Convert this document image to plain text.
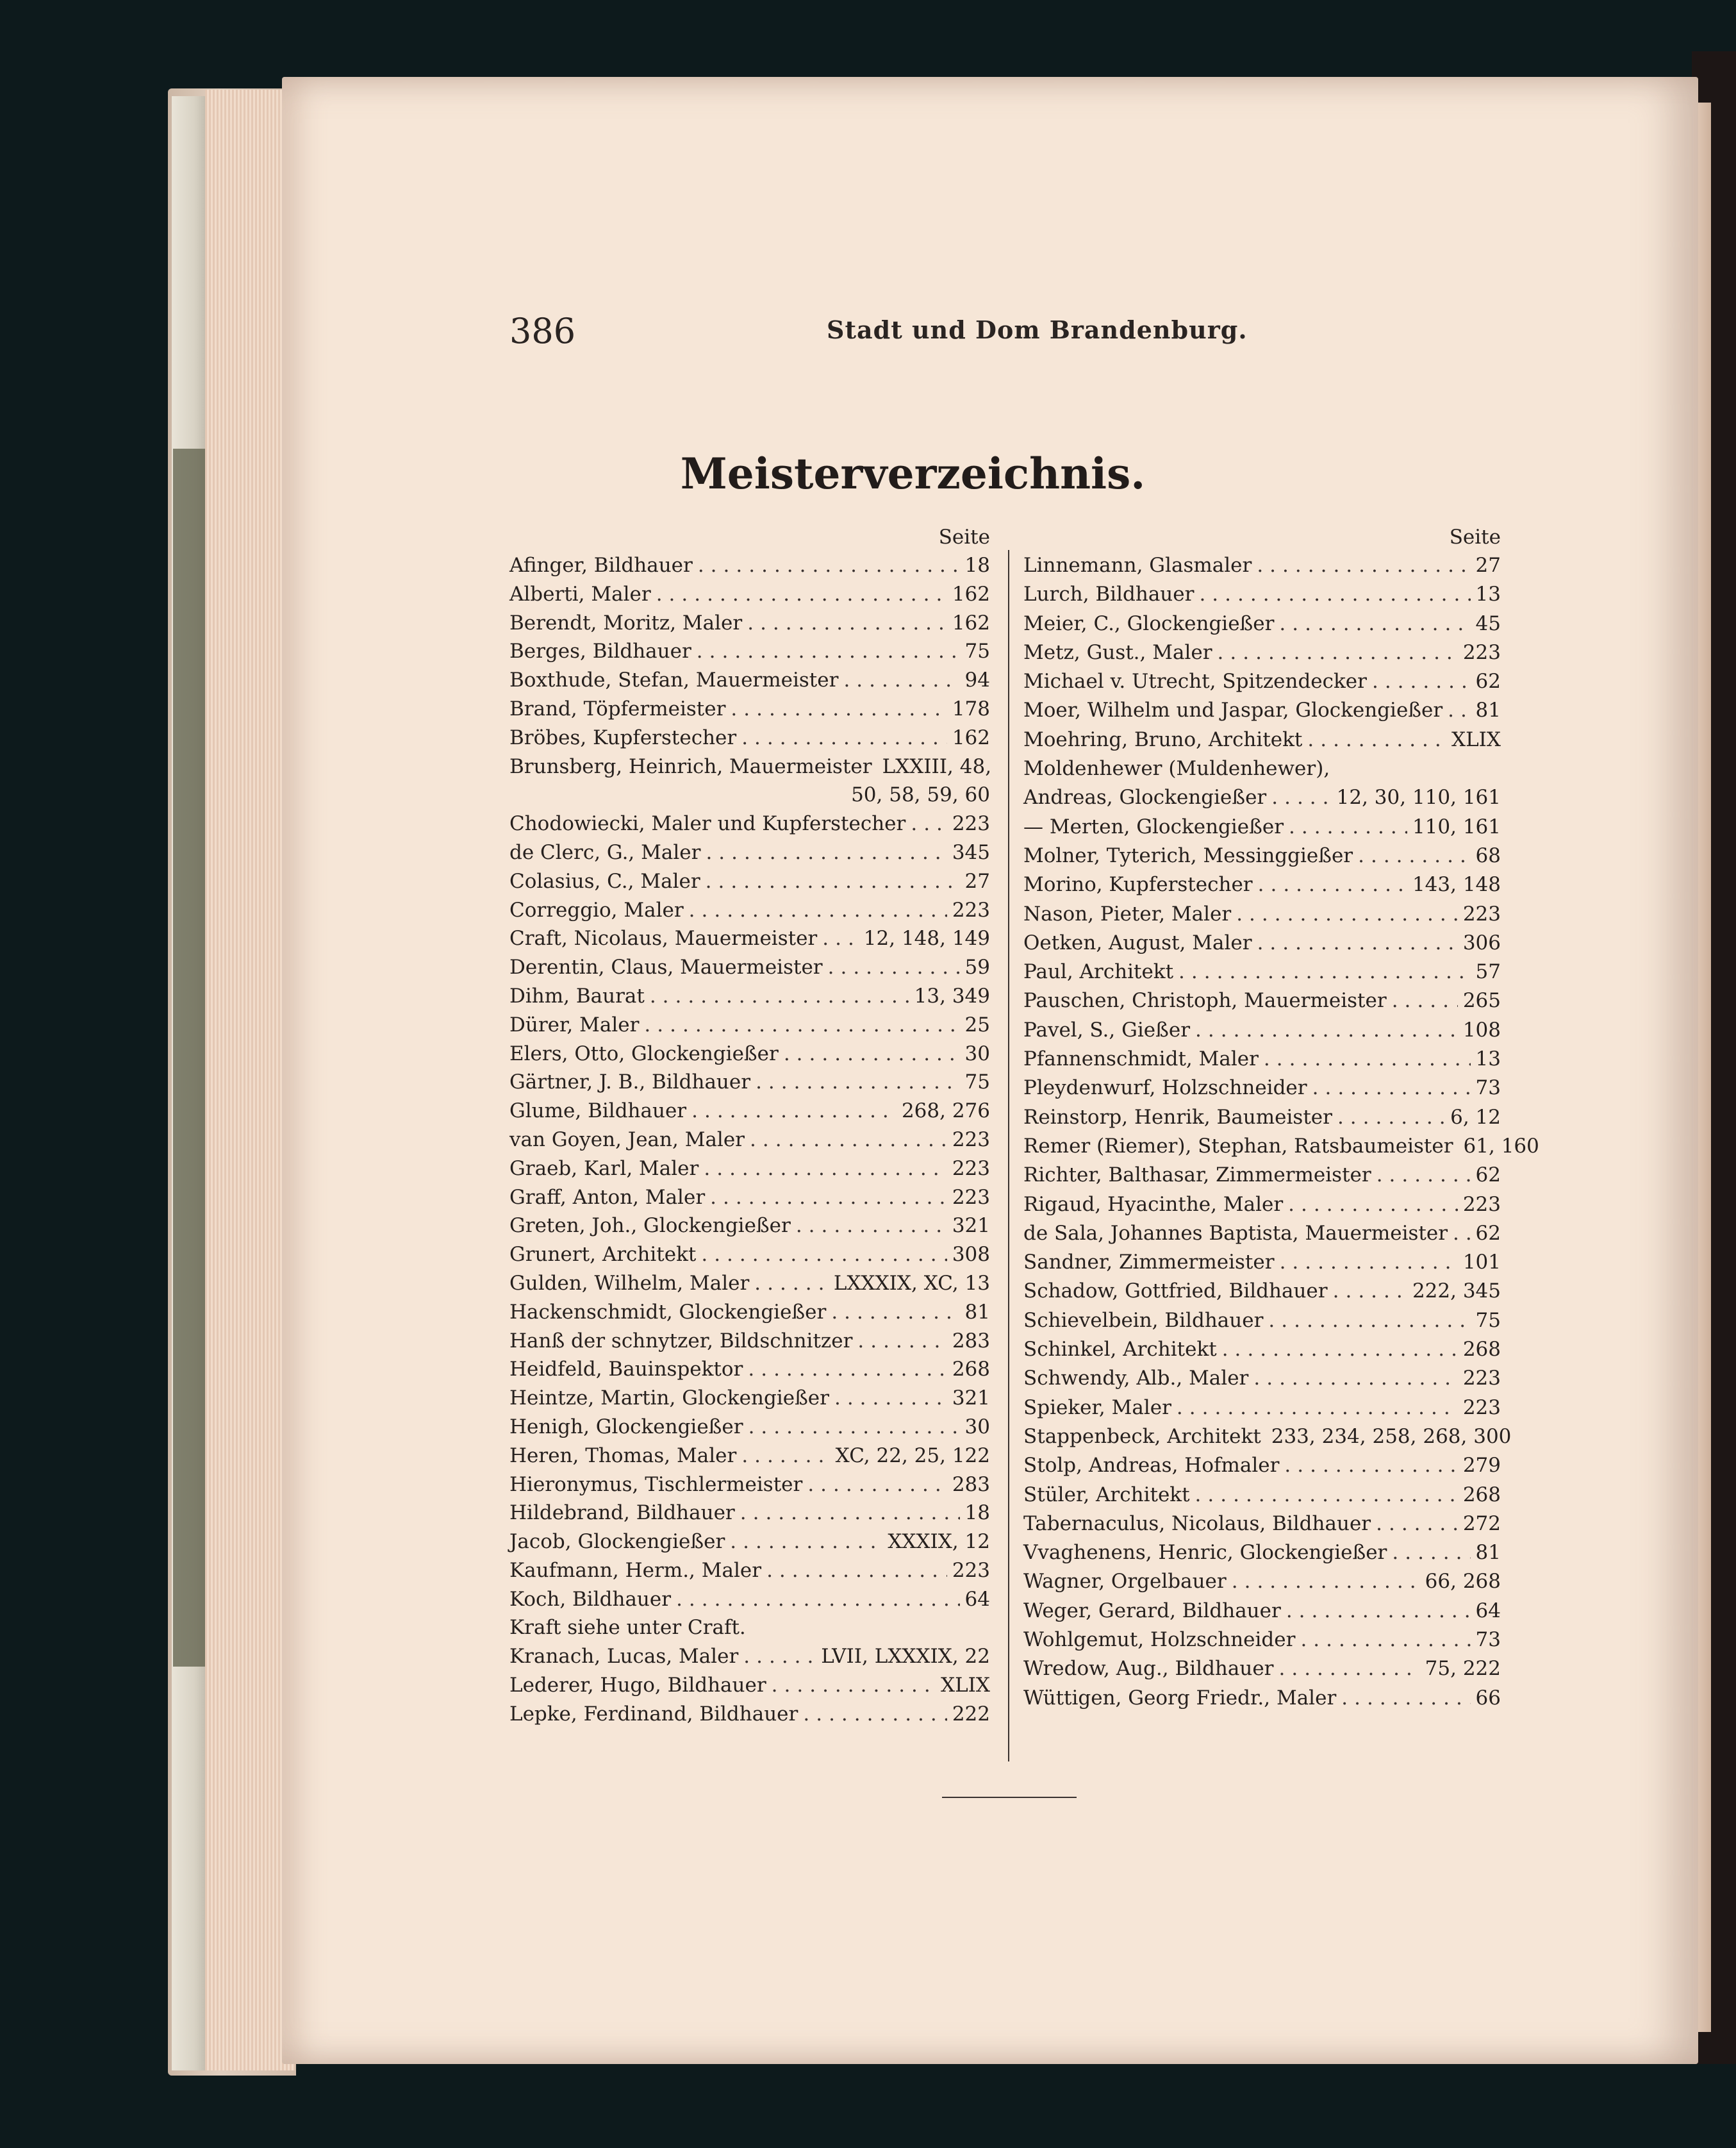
386	Stadt und Dom Brandenburg.
Meisterverzeichnis.
Seite
Afinger, Bildhauer .....	18
Alberti, Maler .....	162
Berendt, Moritz, Maler .....	162
Berges, Bildhauer .....	75
Boxthude, Stefan, Mauermeister .....	94
Brand, Töpfermeister .....	178
Bröbes, Kupferstecher .....	162
Brunsberg, Heinrich, Mauermeister LXXIII, 48,
50, 58, 59, 60
Chodowiecki, Maler und Kupferstecher ..... 223
de Clerc, G., Maler .....	345
Colasius, C., Maler .....	27
Correggio, Maler .....	223
Craft, Nicolaus, Mauermeister ..... 12, 148, 149
Derentin, Claus, Mauermeister .....	59
Dihm, Baurat .....	13, 349
Dürer, Maler .....	25
Elers, Otto, Glockengießer .....	30
Gärtner, J. B., Bildhauer .....	75
Glume, Bildhauer .....	268, 276
van Goyen, Jean, Maler .....	223
Graeb, Karl, Maler .....	223
Graff, Anton, Maler .....	223
Greten, Joh., Glockengießer .....	321
Grunert, Architekt .....	308
Gulden, Wilhelm, Maler .....	LXXXIX, XC, 13
Hackenschmidt, Glockengießer .....	81
Hanß der schnytzer, Bildschnitzer .....	283
Heidfeld, Bauinspektor .....	268
Heintze, Martin, Glockengießer .....	321
Henigh, Glockengießer .....	30
Heren, Thomas, Maler .....	XC, 22, 25, 122
Hieronymus, Tischlermeister .....	283
Hildebrand, Bildhauer .....	18
Jacob, Glockengießer .....	XXXIX, 12
Kaufmann, Herm., Maler .....	223
Koch, Bildhauer .....	64
Kraft siehe unter Craft.
Kranach, Lucas, Maler .....	LVII, LXXXIX, 22
Lederer, Hugo, Bildhauer .....	XLIX
Lepke, Ferdinand, Bildhauer .....	222
Seite
Linnemann, Glasmaler .....	27
Lurch, Bildhauer .....	13
Meier, C., Glockengießer .....	45
Metz, Gust., Maler .....	223
Michael v. Utrecht, Spitzendecker .....	62
Moer, Wilhelm und Jaspar, Glockengießer ..... 81
Moehring, Bruno, Architekt .....	XLIX
Moldenhewer (Muldenhewer),
Andreas, Glockengießer .....	12, 30, 110, 161
— Merten, Glockengießer .....	110, 161
Molner, Tyterich, Messinggießer .....	68
Morino, Kupferstecher .....	143, 148
Nason, Pieter, Maler .....	223
Oetken, August, Maler .....	306
Paul, Architekt .....	57
Pauschen, Christoph, Mauermeister .....	265
Pavel, S., Gießer .....	108
Pfannenschmidt, Maler .....	13
Pleydenwurf, Holzschneider .....	73
Reinstorp, Henrik, Baumeister .....	6, 12
Remer (Riemer), Stephan, Ratsbaumeister 61, 160
Richter, Balthasar, Zimmermeister .....	62
Rigaud, Hyacinthe, Maler .....	223
de Sala, Johannes Baptista, Mauermeister ..... 62
Sandner, Zimmermeister .....	101
Schadow, Gottfried, Bildhauer .....	222, 345
Schievelbein, Bildhauer .....	75
Schinkel, Architekt .....	268
Schwendy, Alb., Maler .....	223
Spieker, Maler .....	223
Stappenbeck, Architekt 233, 234, 258, 268, 300
Stolp, Andreas, Hofmaler .....	279
Stüler, Architekt .....	268
Tabernaculus, Nicolaus, Bildhauer .....	272
Vvaghenens, Henric, Glockengießer .....	81
Wagner, Orgelbauer .....	66, 268
Weger, Gerard, Bildhauer .....	64
Wohlgemut, Holzschneider .....	73
Wredow, Aug., Bildhauer .....	75, 222
Wüttigen, Georg Friedr., Maler .....	66
